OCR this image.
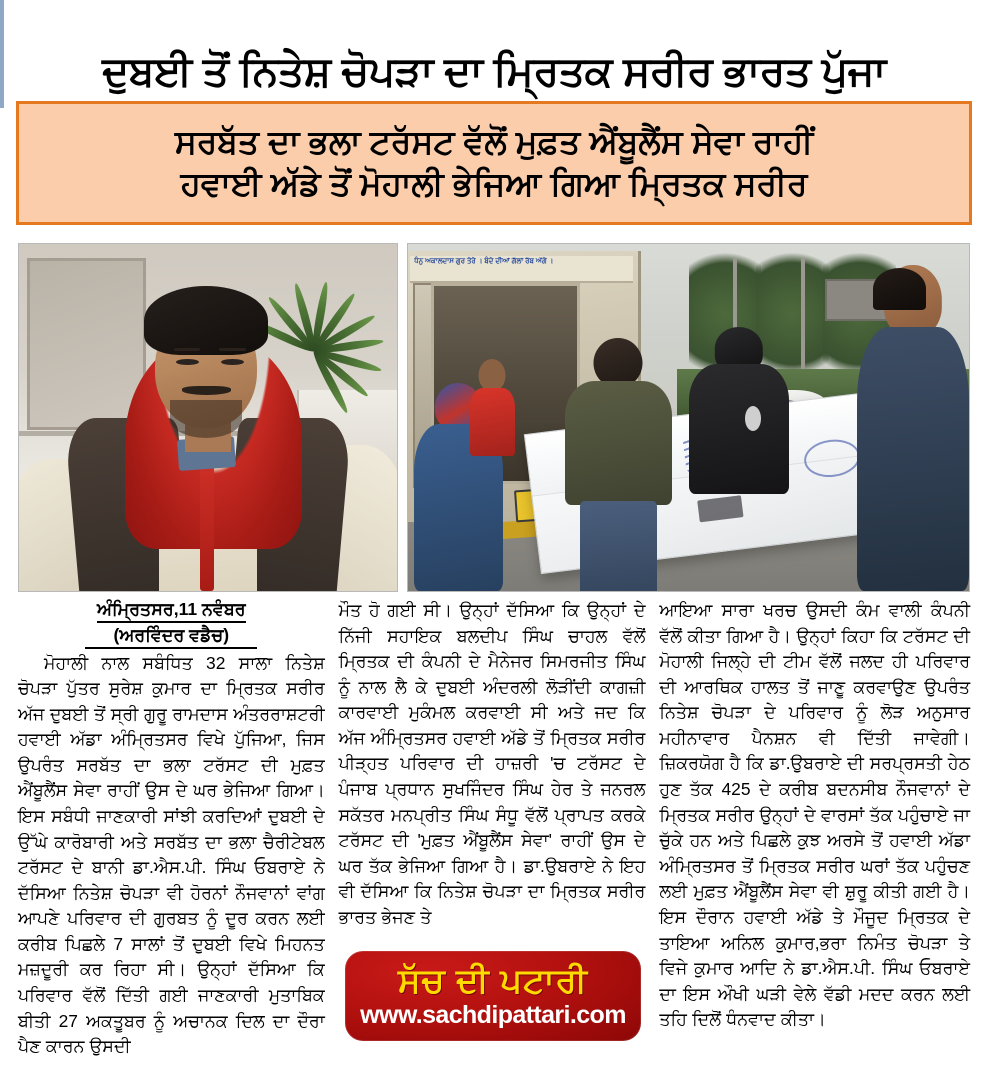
ਦੁਬਈ ਤੋਂ ਨਿਤੇਸ਼ ਚੋਪੜਾ ਦਾ ਮ੍ਰਿਤਕ ਸਰੀਰ ਭਾਰਤ ਪੁੱਜਾ
ਸਰਬੱਤ ਦਾ ਭਲਾ ਟਰੱਸਟ ਵੱਲੋਂ ਮੁਫ਼ਤ ਐਂਬੂਲੈਂਸ ਸੇਵਾ ਰਾਹੀਂ
ਹਵਾਈ ਅੱਡੇ ਤੋਂ ਮੋਹਾਲੀ ਭੇਜਿਆ ਗਿਆ ਮ੍ਰਿਤਕ ਸਰੀਰ
ਧੰਨੁ ਅਕਾਲਦਾਸ ਗੁਰ ਤੇਰੇ । ਬੰਦੇ ਦੀਆਂ ਗੱਲਾਂ ਰੱਬ ਅੱਗੇ ।
ਅੰਮ੍ਰਿਤਸਰ,11 ਨਵੰਬਰ
(ਅਰਵਿੰਦਰ ਵਡੈਚ)

ਮੋਹਾਲੀ ਨਾਲ ਸਬੰਧਿਤ 32 ਸਾਲਾ ਨਿਤੇਸ਼ ਚੋਪੜਾ ਪੁੱਤਰ ਸੁਰੇਸ਼ ਕੁਮਾਰ ਦਾ ਮ੍ਰਿਤਕ ਸਰੀਰ ਅੱਜ ਦੁਬਈ ਤੋਂ ਸ੍ਰੀ ਗੁਰੂ ਰਾਮਦਾਸ ਅੰਤਰਰਾਸ਼ਟਰੀ ਹਵਾਈ ਅੱਡਾ ਅੰਮ੍ਰਿਤਸਰ ਵਿਖੇ ਪੁੱਜਿਆ, ਜਿਸ ਉਪਰੰਤ ਸਰਬੱਤ ਦਾ ਭਲਾ ਟਰੱਸਟ ਦੀ ਮੁਫ਼ਤ ਐਂਬੂਲੈਂਸ ਸੇਵਾ ਰਾਹੀਂ ਉਸ ਦੇ ਘਰ ਭੇਜਿਆ ਗਿਆ। ਇਸ ਸਬੰਧੀ ਜਾਣਕਾਰੀ ਸਾਂਝੀ ਕਰਦਿਆਂ ਦੁਬਈ ਦੇ ਉੱਘੇ ਕਾਰੋਬਾਰੀ ਅਤੇ ਸਰਬੱਤ ਦਾ ਭਲਾ ਚੈਰੀਟੇਬਲ ਟਰੱਸਟ ਦੇ ਬਾਨੀ ਡਾ.ਐਸ.ਪੀ. ਸਿੰਘ ਓਬਰਾਏ ਨੇ ਦੱਸਿਆ ਨਿਤੇਸ਼ ਚੋਪੜਾ ਵੀ ਹੋਰਨਾਂ ਨੌਜਵਾਨਾਂ ਵਾਂਗ ਆਪਣੇ ਪਰਿਵਾਰ ਦੀ ਗੁਰਬਤ ਨੂੰ ਦੂਰ ਕਰਨ ਲਈ ਕਰੀਬ ਪਿਛਲੇ 7 ਸਾਲਾਂ ਤੋਂ ਦੁਬਈ ਵਿਖੇ ਮਿਹਨਤ ਮਜ਼ਦੂਰੀ ਕਰ ਰਿਹਾ ਸੀ। ਉਨ੍ਹਾਂ ਦੱਸਿਆ ਕਿ ਪਰਿਵਾਰ ਵੱਲੋਂ ਦਿੱਤੀ ਗਈ ਜਾਣਕਾਰੀ ਮੁਤਾਬਿਕ ਬੀਤੀ 27 ਅਕਤੂਬਰ ਨੂੰ ਅਚਾਨਕ ਦਿਲ ਦਾ ਦੌਰਾ ਪੈਣ ਕਾਰਨ ਉਸਦੀ

ਮੌਤ ਹੋ ਗਈ ਸੀ। ਉਨ੍ਹਾਂ ਦੱਸਿਆ ਕਿ ਉਨ੍ਹਾਂ ਦੇ ਨਿੱਜੀ ਸਹਾਇਕ ਬਲਦੀਪ ਸਿੰਘ ਚਾਹਲ ਵੱਲੋਂ ਮ੍ਰਿਤਕ ਦੀ ਕੰਪਨੀ ਦੇ ਮੈਨੇਜਰ ਸਿਮਰਜੀਤ ਸਿੰਘ ਨੂੰ ਨਾਲ ਲੈ ਕੇ ਦੁਬਈ ਅੰਦਰਲੀ ਲੋੜੀਂਦੀ ਕਾਗਜ਼ੀ ਕਾਰਵਾਈ ਮੁਕੰਮਲ ਕਰਵਾਈ ਸੀ ਅਤੇ ਜਦ ਕਿ ਅੱਜ ਅੰਮ੍ਰਿਤਸਰ ਹਵਾਈ ਅੱਡੇ ਤੋਂ ਮ੍ਰਿਤਕ ਸਰੀਰ ਪੀੜ੍ਹਤ ਪਰਿਵਾਰ ਦੀ ਹਾਜ਼ਰੀ 'ਚ ਟਰੱਸਟ ਦੇ ਪੰਜਾਬ ਪ੍ਰਧਾਨ ਸੁਖਜਿੰਦਰ ਸਿੰਘ ਹੇਰ ਤੇ ਜਨਰਲ ਸਕੱਤਰ ਮਨਪ੍ਰੀਤ ਸਿੰਘ ਸੰਧੂ ਵੱਲੋਂ ਪ੍ਰਾਪਤ ਕਰਕੇ ਟਰੱਸਟ ਦੀ 'ਮੁਫ਼ਤ ਐਂਬੂਲੈਂਸ ਸੇਵਾ' ਰਾਹੀਂ ਉਸ ਦੇ ਘਰ ਤੱਕ ਭੇਜਿਆ ਗਿਆ ਹੈ। ਡਾ.ਉਬਰਾਏ ਨੇ ਇਹ ਵੀ ਦੱਸਿਆ ਕਿ ਨਿਤੇਸ਼ ਚੋਪੜਾ ਦਾ ਮ੍ਰਿਤਕ ਸਰੀਰ ਭਾਰਤ ਭੇਜਣ ਤੇ

ਆਇਆ ਸਾਰਾ ਖਰਚ ਉਸਦੀ ਕੰਮ ਵਾਲੀ ਕੰਪਨੀ ਵੱਲੋਂ ਕੀਤਾ ਗਿਆ ਹੈ। ਉਨ੍ਹਾਂ ਕਿਹਾ ਕਿ ਟਰੱਸਟ ਦੀ ਮੋਹਾਲੀ ਜਿਲ੍ਹੇ ਦੀ ਟੀਮ ਵੱਲੋਂ ਜਲਦ ਹੀ ਪਰਿਵਾਰ ਦੀ ਆਰਥਿਕ ਹਾਲਤ ਤੋਂ ਜਾਣੂ ਕਰਵਾਉਣ ਉਪਰੰਤ ਨਿਤੇਸ਼ ਚੋਪੜਾ ਦੇ ਪਰਿਵਾਰ ਨੂੰ ਲੋੜ ਅਨੁਸਾਰ ਮਹੀਨਾਵਾਰ ਪੈਨਸ਼ਨ ਵੀ ਦਿੱਤੀ ਜਾਵੇਗੀ। ਜ਼ਿਕਰਯੋਗ ਹੈ ਕਿ ਡਾ.ਉਬਰਾਏ ਦੀ ਸਰਪ੍ਰਸਤੀ ਹੇਠ ਹੁਣ ਤੱਕ 425 ਦੇ ਕਰੀਬ ਬਦਨਸੀਬ ਨੌਜਵਾਨਾਂ ਦੇ ਮ੍ਰਿਤਕ ਸਰੀਰ ਉਨ੍ਹਾਂ ਦੇ ਵਾਰਸਾਂ ਤੱਕ ਪਹੁੰਚਾਏ ਜਾ ਚੁੱਕੇ ਹਨ ਅਤੇ ਪਿਛਲੇ ਕੁਝ ਅਰਸੇ ਤੋਂ ਹਵਾਈ ਅੱਡਾ ਅੰਮ੍ਰਿਤਸਰ ਤੋਂ ਮ੍ਰਿਤਕ ਸਰੀਰ ਘਰਾਂ ਤੱਕ ਪਹੁੰਚਣ ਲਈ ਮੁਫ਼ਤ ਐਂਬੂਲੈਂਸ ਸੇਵਾ ਵੀ ਸ਼ੁਰੂ ਕੀਤੀ ਗਈ ਹੈ। ਇਸ ਦੌਰਾਨ ਹਵਾਈ ਅੱਡੇ ਤੇ ਮੌਜੂਦ ਮ੍ਰਿਤਕ ਦੇ ਤਾਇਆ ਅਨਿਲ ਕੁਮਾਰ,ਭਰਾ ਨਿਮੰਤ ਚੋਪੜਾ ਤੇ ਵਿਜੇ ਕੁਮਾਰ ਆਦਿ ਨੇ ਡਾ.ਐਸ.ਪੀ. ਸਿੰਘ ਓਬਰਾਏ ਦਾ ਇਸ ਔਖੀ ਘੜੀ ਵੇਲੇ ਵੱਡੀ ਮਦਦ ਕਰਨ ਲਈ ਤਹਿ ਦਿਲੋਂ ਧੰਨਵਾਦ ਕੀਤਾ।

ਸੱਚ ਦੀ ਪਟਾਰੀ
www.sachdipattari.com
